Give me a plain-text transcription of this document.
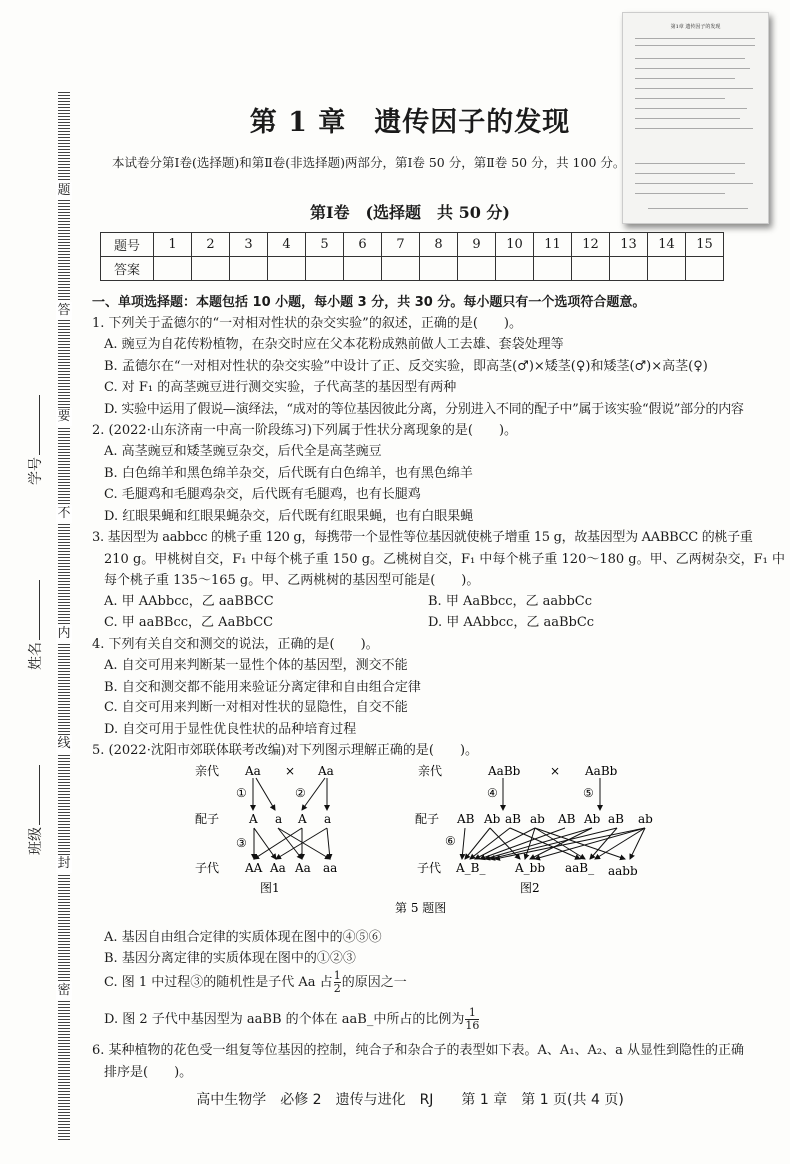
题
答
要
不
内
线
封
密
学号
姓名
班级
第1章 遗传因子的发现
第 1 章　遗传因子的发现
本试卷分第Ⅰ卷(选择题)和第Ⅱ卷(非选择题)两部分，第Ⅰ卷 50 分，第Ⅱ卷 50 分，共 100 分。
第Ⅰ卷　(选择题　共 50 分)
题号	1	2	3	4	5	6	7	8	9	10	11	12	13	14	15
答案															
一、单项选择题：本题包括 10 小题，每小题 3 分，共 30 分。每小题只有一个选项符合题意。
1. 下列关于孟德尔的“一对相对性状的杂交实验”的叙述，正确的是(　　)。
A. 豌豆为自花传粉植物，在杂交时应在父本花粉成熟前做人工去雄、套袋处理等
B. 孟德尔在“一对相对性状的杂交实验”中设计了正、反交实验，即高茎(♂)×矮茎(♀)和矮茎(♂)×高茎(♀)
C. 对 F₁ 的高茎豌豆进行测交实验，子代高茎的基因型有两种
D. 实验中运用了假说—演绎法，“成对的等位基因彼此分离，分别进入不同的配子中”属于该实验“假说”部分的内容
2. (2022·山东济南一中高一阶段练习)下列属于性状分离现象的是(　　)。
A. 高茎豌豆和矮茎豌豆杂交，后代全是高茎豌豆
B. 白色绵羊和黑色绵羊杂交，后代既有白色绵羊，也有黑色绵羊
C. 毛腿鸡和毛腿鸡杂交，后代既有毛腿鸡，也有长腿鸡
D. 红眼果蝇和红眼果蝇杂交，后代既有红眼果蝇，也有白眼果蝇
3. 基因型为 aabbcc 的桃子重 120 g，每携带一个显性等位基因就使桃子增重 15 g，故基因型为 AABBCC 的桃子重
210 g。甲桃树自交，F₁ 中每个桃子重 150 g。乙桃树自交，F₁ 中每个桃子重 120～180 g。甲、乙两树杂交，F₁ 中
每个桃子重 135～165 g。甲、乙两桃树的基因型可能是(　　)。
A. 甲 AAbbcc，乙 aaBBCC	B. 甲 AaBbcc，乙 aabbCc
C. 甲 aaBBcc，乙 AaBbCC	D. 甲 AAbbcc，乙 aaBbCc
4. 下列有关自交和测交的说法，正确的是(　　)。
A. 自交可用来判断某一显性个体的基因型，测交不能
B. 自交和测交都不能用来验证分离定律和自由组合定律
C. 自交可用来判断一对相对性状的显隐性，自交不能
D. 自交可用于显性优良性状的品种培育过程
5. (2022·沈阳市郊联体联考改编)对下列图示理解正确的是(　　)。
亲代
配子
子代
Aa × Aa
①	②
③
A a A a
AA Aa Aa aa
图1
亲代
配子
子代
AaBb × AaBb
④	⑤
⑥
AB Ab aB ab AB Ab aB ab
A_B_ A_bb aaB_ aabb
图2
第 5 题图
A. 基因自由组合定律的实质体现在图中的④⑤⑥
B. 基因分离定律的实质体现在图中的①②③
C. 图 1 中过程③的随机性是子代 Aa 占 $\frac{1}{2}$ 的原因之一
D. 图 2 子代中基因型为 aaBB 的个体在 aaB_中所占的比例为 $\frac{1}{16}$
6. 某种植物的花色受一组复等位基因的控制，纯合子和杂合子的表型如下表。A、A₁、A₂、a 从显性到隐性的正确
排序是(　　)。
高中生物学　必修 2　遗传与进化　RJ　　第 1 章　第 1 页(共 4 页)
